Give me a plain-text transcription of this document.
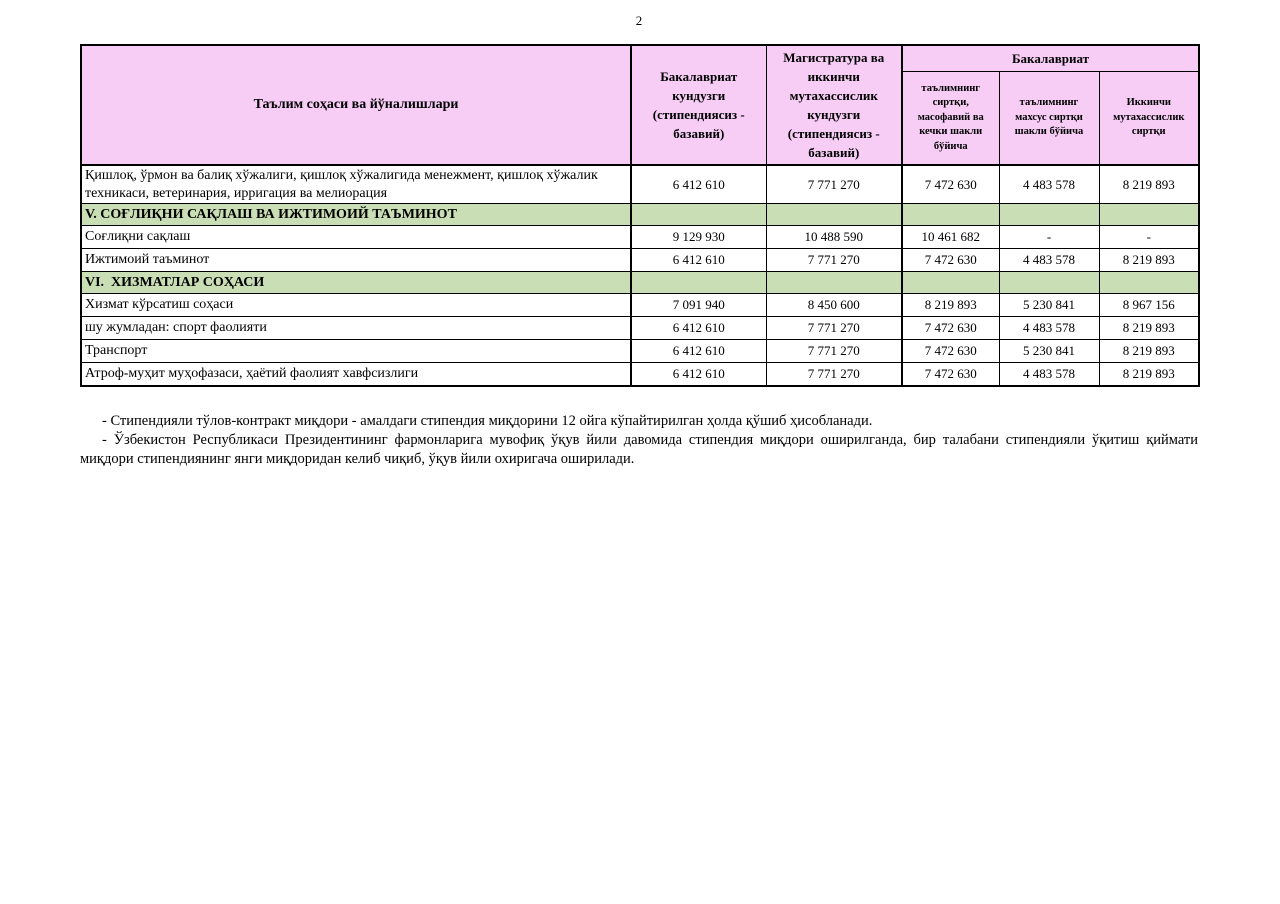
2
Таълим соҳаси ва йўналишлари	Бакалавриат кундузги (стипендиясиз - базавий)	Магистратура ва иккинчи мутахассислик кундузги (стипендиясиз - базавий)	Бакалавриат		
			таълимнинг сиртқи, масофавий ва кечки шакли бўйича	таълимнинг махсус сиртқи шакли бўйича	Иккинчи мутахассислик сиртқи
Қишлоқ, ўрмон ва балиқ хўжалиги, қишлоқ хўжалигида менежмент, қишлоқ хўжалик техникаси, ветеринария, ирригация ва мелиорация	6 412 610	7 771 270	7 472 630	4 483 578	8 219 893
V. СОҒЛИҚНИ САҚЛАШ ВА ИЖТИМОИЙ ТАЪМИНОТ					
Соғлиқни сақлаш	9 129 930	10 488 590	10 461 682	-	-
Ижтимоий таъминот	6 412 610	7 771 270	7 472 630	4 483 578	8 219 893
VI.  ХИЗМАТЛАР СОҲАСИ					
Хизмат кўрсатиш соҳаси	7 091 940	8 450 600	8 219 893	5 230 841	8 967 156
шу жумладан: спорт фаолияти	6 412 610	7 771 270	7 472 630	4 483 578	8 219 893
Транспорт	6 412 610	7 771 270	7 472 630	5 230 841	8 219 893
Атроф-муҳит муҳофазаси, ҳаётий фаолият хавфсизлиги	6 412 610	7 771 270	7 472 630	4 483 578	8 219 893

- Стипендияли тўлов-контракт миқдори - амалдаги стипендия миқдорини 12 ойга кўпайтирилган ҳолда қўшиб ҳисобланади.

- Ўзбекистон Республикаси Президентининг фармонларига мувофиқ ўқув йили давомида стипендия миқдори оширилганда, бир талабани стипендияли ўқитиш қиймати миқдори стипендиянинг янги миқдоридан келиб чиқиб, ўқув йили охиригача оширилади.
